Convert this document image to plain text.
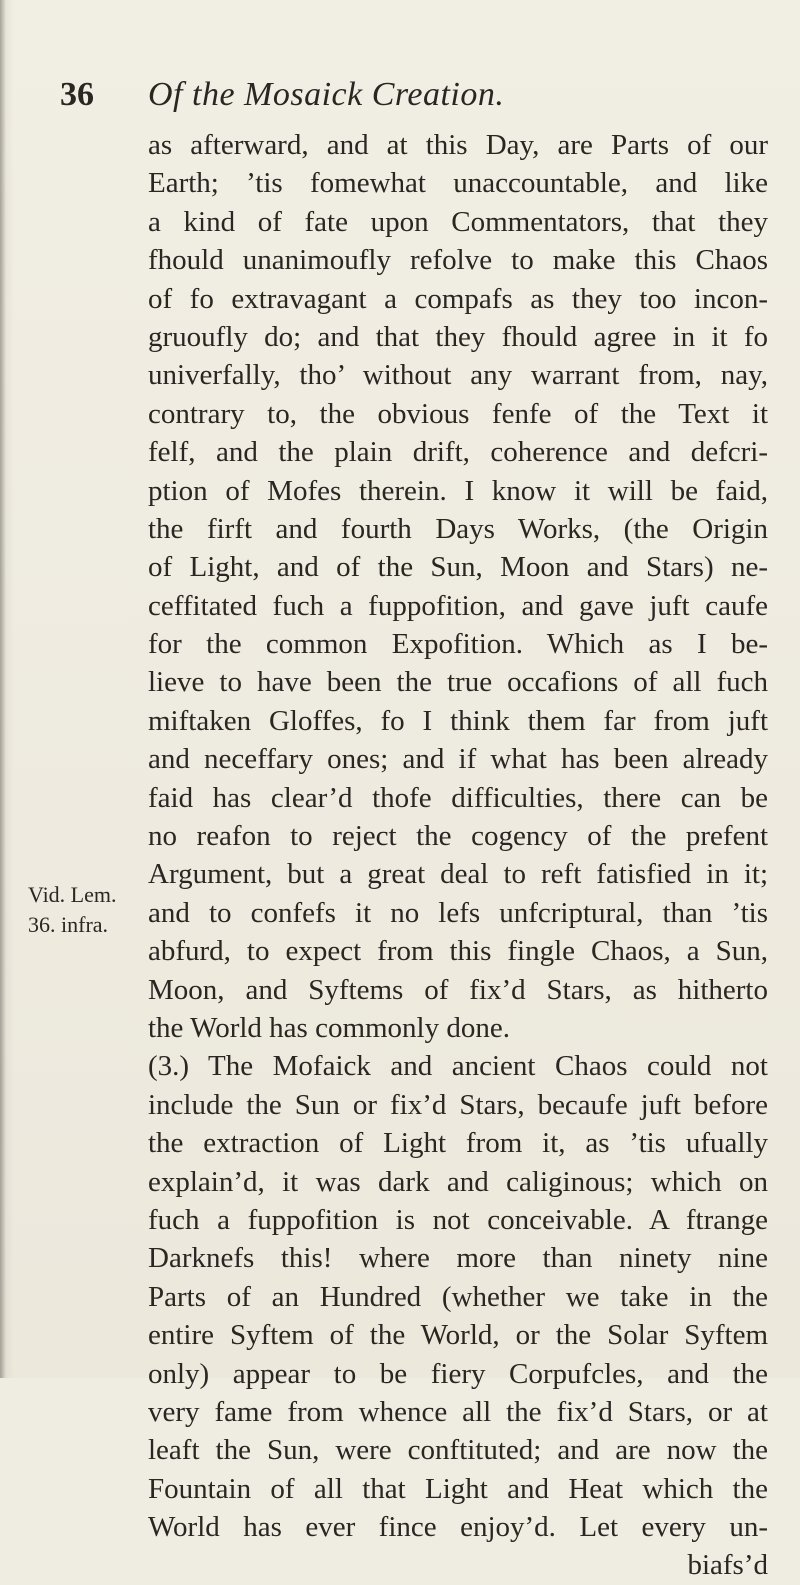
36 Of the Mosaick Creation.
Vid. Lem.
36. infra.
as afterward, and at this Day, are Parts of our
Earth; ’tis fomewhat unaccountable, and like
a kind of fate upon Commentators, that they
fhould unanimoufly refolve to make this Chaos
of fo extravagant a compafs as they too incon-
gruoufly do; and that they fhould agree in it fo
univerfally, tho’ without any warrant from, nay,
contrary to, the obvious fenfe of the Text it
felf, and the plain drift, coherence and defcri-
ption of Mofes therein. I know it will be faid,
the firft and fourth Days Works, (the Origin
of Light, and of the Sun, Moon and Stars) ne-
ceffitated fuch a fuppofition, and gave juft caufe
for the common Expofition. Which as I be-
lieve to have been the true occafions of all fuch
miftaken Gloffes, fo I think them far from juft
and neceffary ones; and if what has been already
faid has clear’d thofe difficulties, there can be
no reafon to reject the cogency of the prefent
Argument, but a great deal to reft fatisfied in it;
and to confefs it no lefs unfcriptural, than ’tis
abfurd, to expect from this fingle Chaos, a Sun,
Moon, and Syftems of fix’d Stars, as hitherto
the World has commonly done.
(3.) The Mofaick and ancient Chaos could not
include the Sun or fix’d Stars, becaufe juft before
the extraction of Light from it, as ’tis ufually
explain’d, it was dark and caliginous; which on
fuch a fuppofition is not conceivable. A ftrange
Darknefs this! where more than ninety nine
Parts of an Hundred (whether we take in the
entire Syftem of the World, or the Solar Syftem
only) appear to be fiery Corpufcles, and the
very fame from whence all the fix’d Stars, or at
leaft the Sun, were conftituted; and are now the
Fountain of all that Light and Heat which the
World has ever fince enjoy’d. Let every un-
biafs’d
